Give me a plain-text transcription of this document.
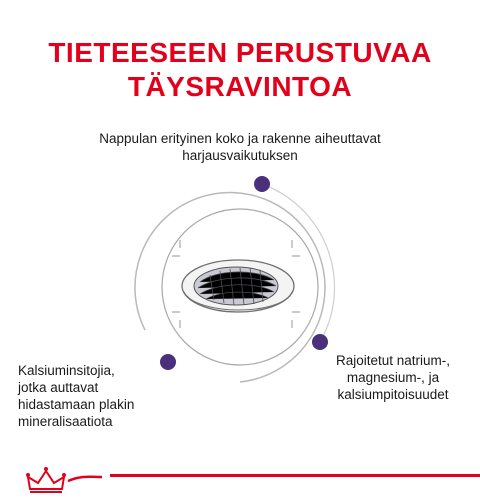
TIETEESEEN PERUSTUVAA
TÄYSRAVINTOA
Nappulan erityinen koko ja rakenne aiheuttavat
harjausvaikutuksen
Kalsiuminsitojia,
jotka auttavat
hidastamaan plakin
mineralisaatiota
Rajoitetut natrium-,
magnesium-, ja
kalsiumpitoisuudet
